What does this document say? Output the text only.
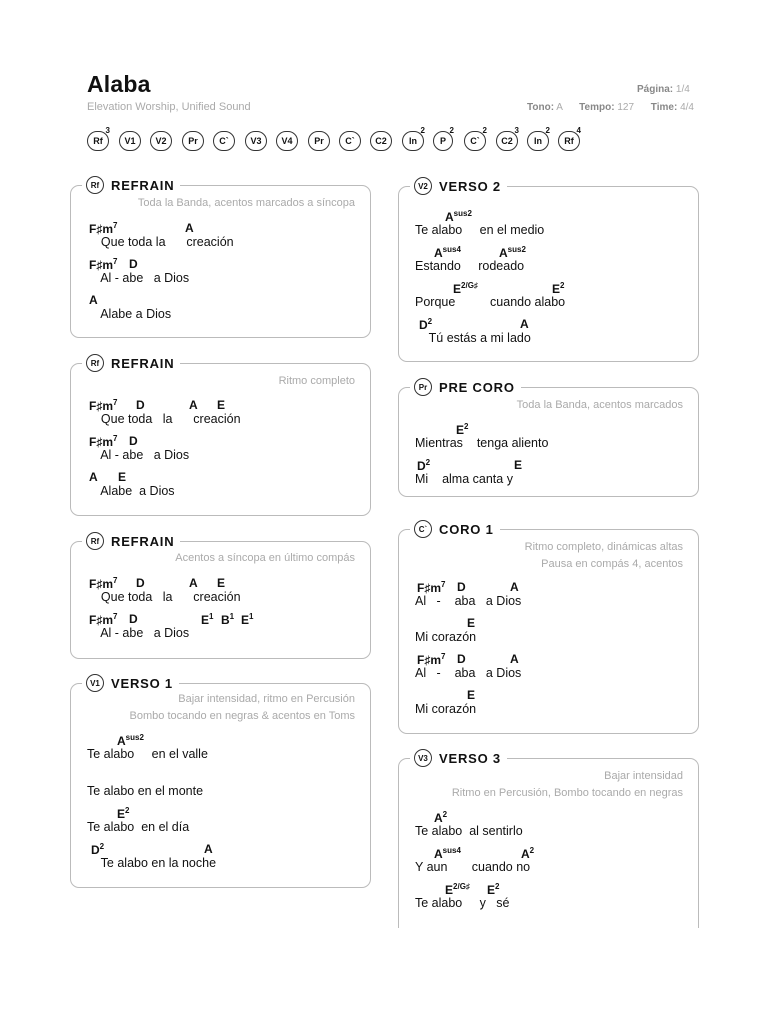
Alaba
Elevation Worship, Unified Sound
Página: 1/4
Tono: A Tempo: 127 Time: 4/4
Rf
3
V1 V2 Pr C` V3 V4 Pr C` C2 In
2
P
2
C`
2
C2
3
In
2
Rf
4
Rf REFRAIN
Toda la Banda, acentos marcados a síncopa
$F♯m^7$	A
Que toda la      creación
$F♯m^7$ D
Al - abe   a Dios
A
Alabe a Dios
Rf REFRAIN
Ritmo completo
$F♯m^7$ D	A E
Que toda   la      creación
$F♯m^7$ D
Al - abe   a Dios
A E
Alabe  a Dios
Rf REFRAIN
Acentos a síncopa en último compás
$F♯m^7$ D	A E
Que toda   la      creación
$F♯m^7$ D	$E^1$ $B^1$ $E^1$
Al - abe   a Dios
V1 VERSO 1
Bajar intensidad, ritmo en Percusión
Bombo tocando en negras & acentos en Toms
$A^{sus2}$
Te alabo     en el valle
Te alabo en el monte
$E^2$
Te alabo  en el día
$D^2$	A
Te alabo en la noche
V2 VERSO 2
$A^{sus2}$
Te alabo     en el medio
$A^{sus4}$	$A^{sus2}$
Estando     rodeado
$E^{2/G♯}$	$E^2$
Porque          cuando alabo
$D^2$	A
Tú estás a mi lado
Pr PRE CORO
Toda la Banda, acentos marcados
$E^2$
Mientras    tenga aliento
$D^2$	E
Mi    alma canta y
C` CORO 1
Ritmo completo, dinámicas altas
Pausa en compás 4, acentos
$F♯m^7$ D	A
Al   -    aba   a Dios
E
Mi corazón
$F♯m^7$ D	A
Al   -    aba   a Dios
E
Mi corazón
V3 VERSO 3
Bajar intensidad
Ritmo en Percusión, Bombo tocando en negras
$A^2$
Te alabo  al sentirlo
$A^{sus4}$	$A^2$
Y aun       cuando no
$E^{2/G♯}$ $E^2$
Te alabo     y   sé
